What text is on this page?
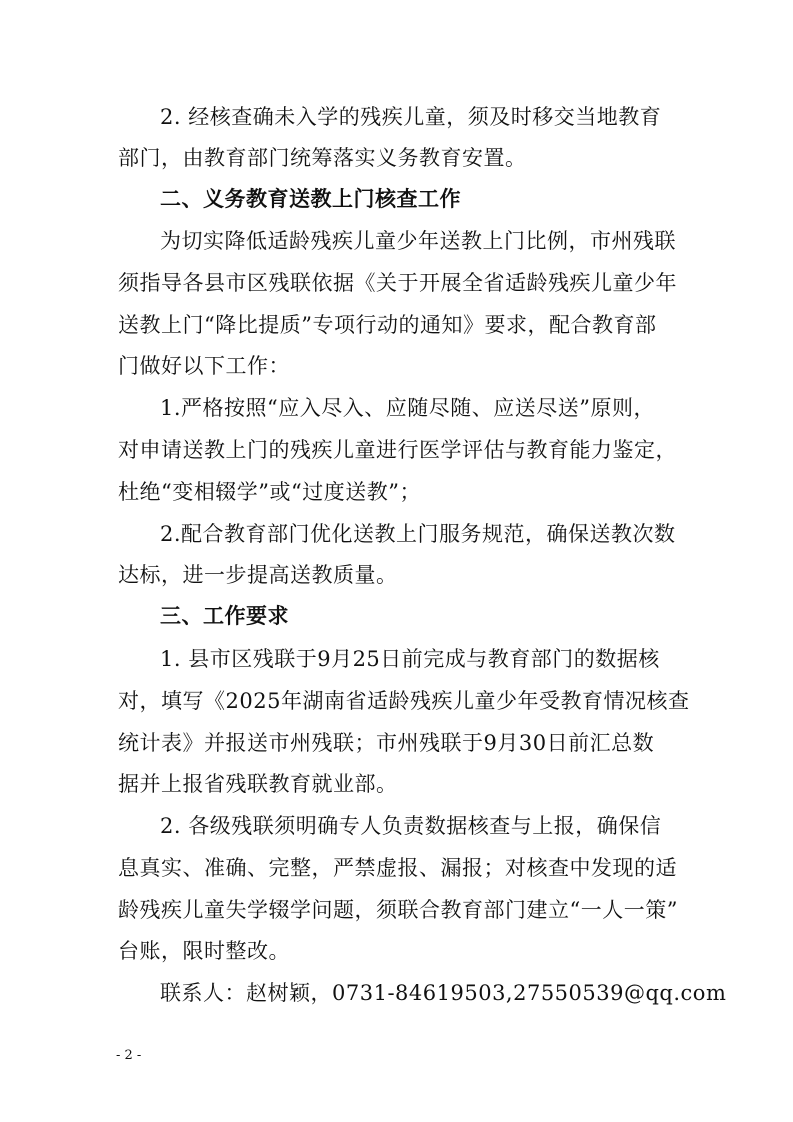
2. 经核查确未入学的残疾儿童，须及时移交当地教育
部门，由教育部门统筹落实义务教育安置。
二、义务教育送教上门核查工作
为切实降低适龄残疾儿童少年送教上门比例，市州残联
须指导各县市区残联依据《关于开展全省适龄残疾儿童少年
送教上门“降比提质”专项行动的通知》要求，配合教育部
门做好以下工作：
1.严格按照“应入尽入、应随尽随、应送尽送”原则，
对申请送教上门的残疾儿童进行医学评估与教育能力鉴定，
杜绝“变相辍学”或“过度送教”；
2.配合教育部门优化送教上门服务规范，确保送教次数
达标，进一步提高送教质量。
三、工作要求
1. 县市区残联于9月25日前完成与教育部门的数据核
对，填写《2025年湖南省适龄残疾儿童少年受教育情况核查
统计表》并报送市州残联；市州残联于9月30日前汇总数
据并上报省残联教育就业部。
2. 各级残联须明确专人负责数据核查与上报，确保信
息真实、准确、完整，严禁虚报、漏报；对核查中发现的适
龄残疾儿童失学辍学问题，须联合教育部门建立“一人一策”
台账，限时整改。
联系人：赵树颖，0731-84619503,27550539@qq.com
- 2 -
